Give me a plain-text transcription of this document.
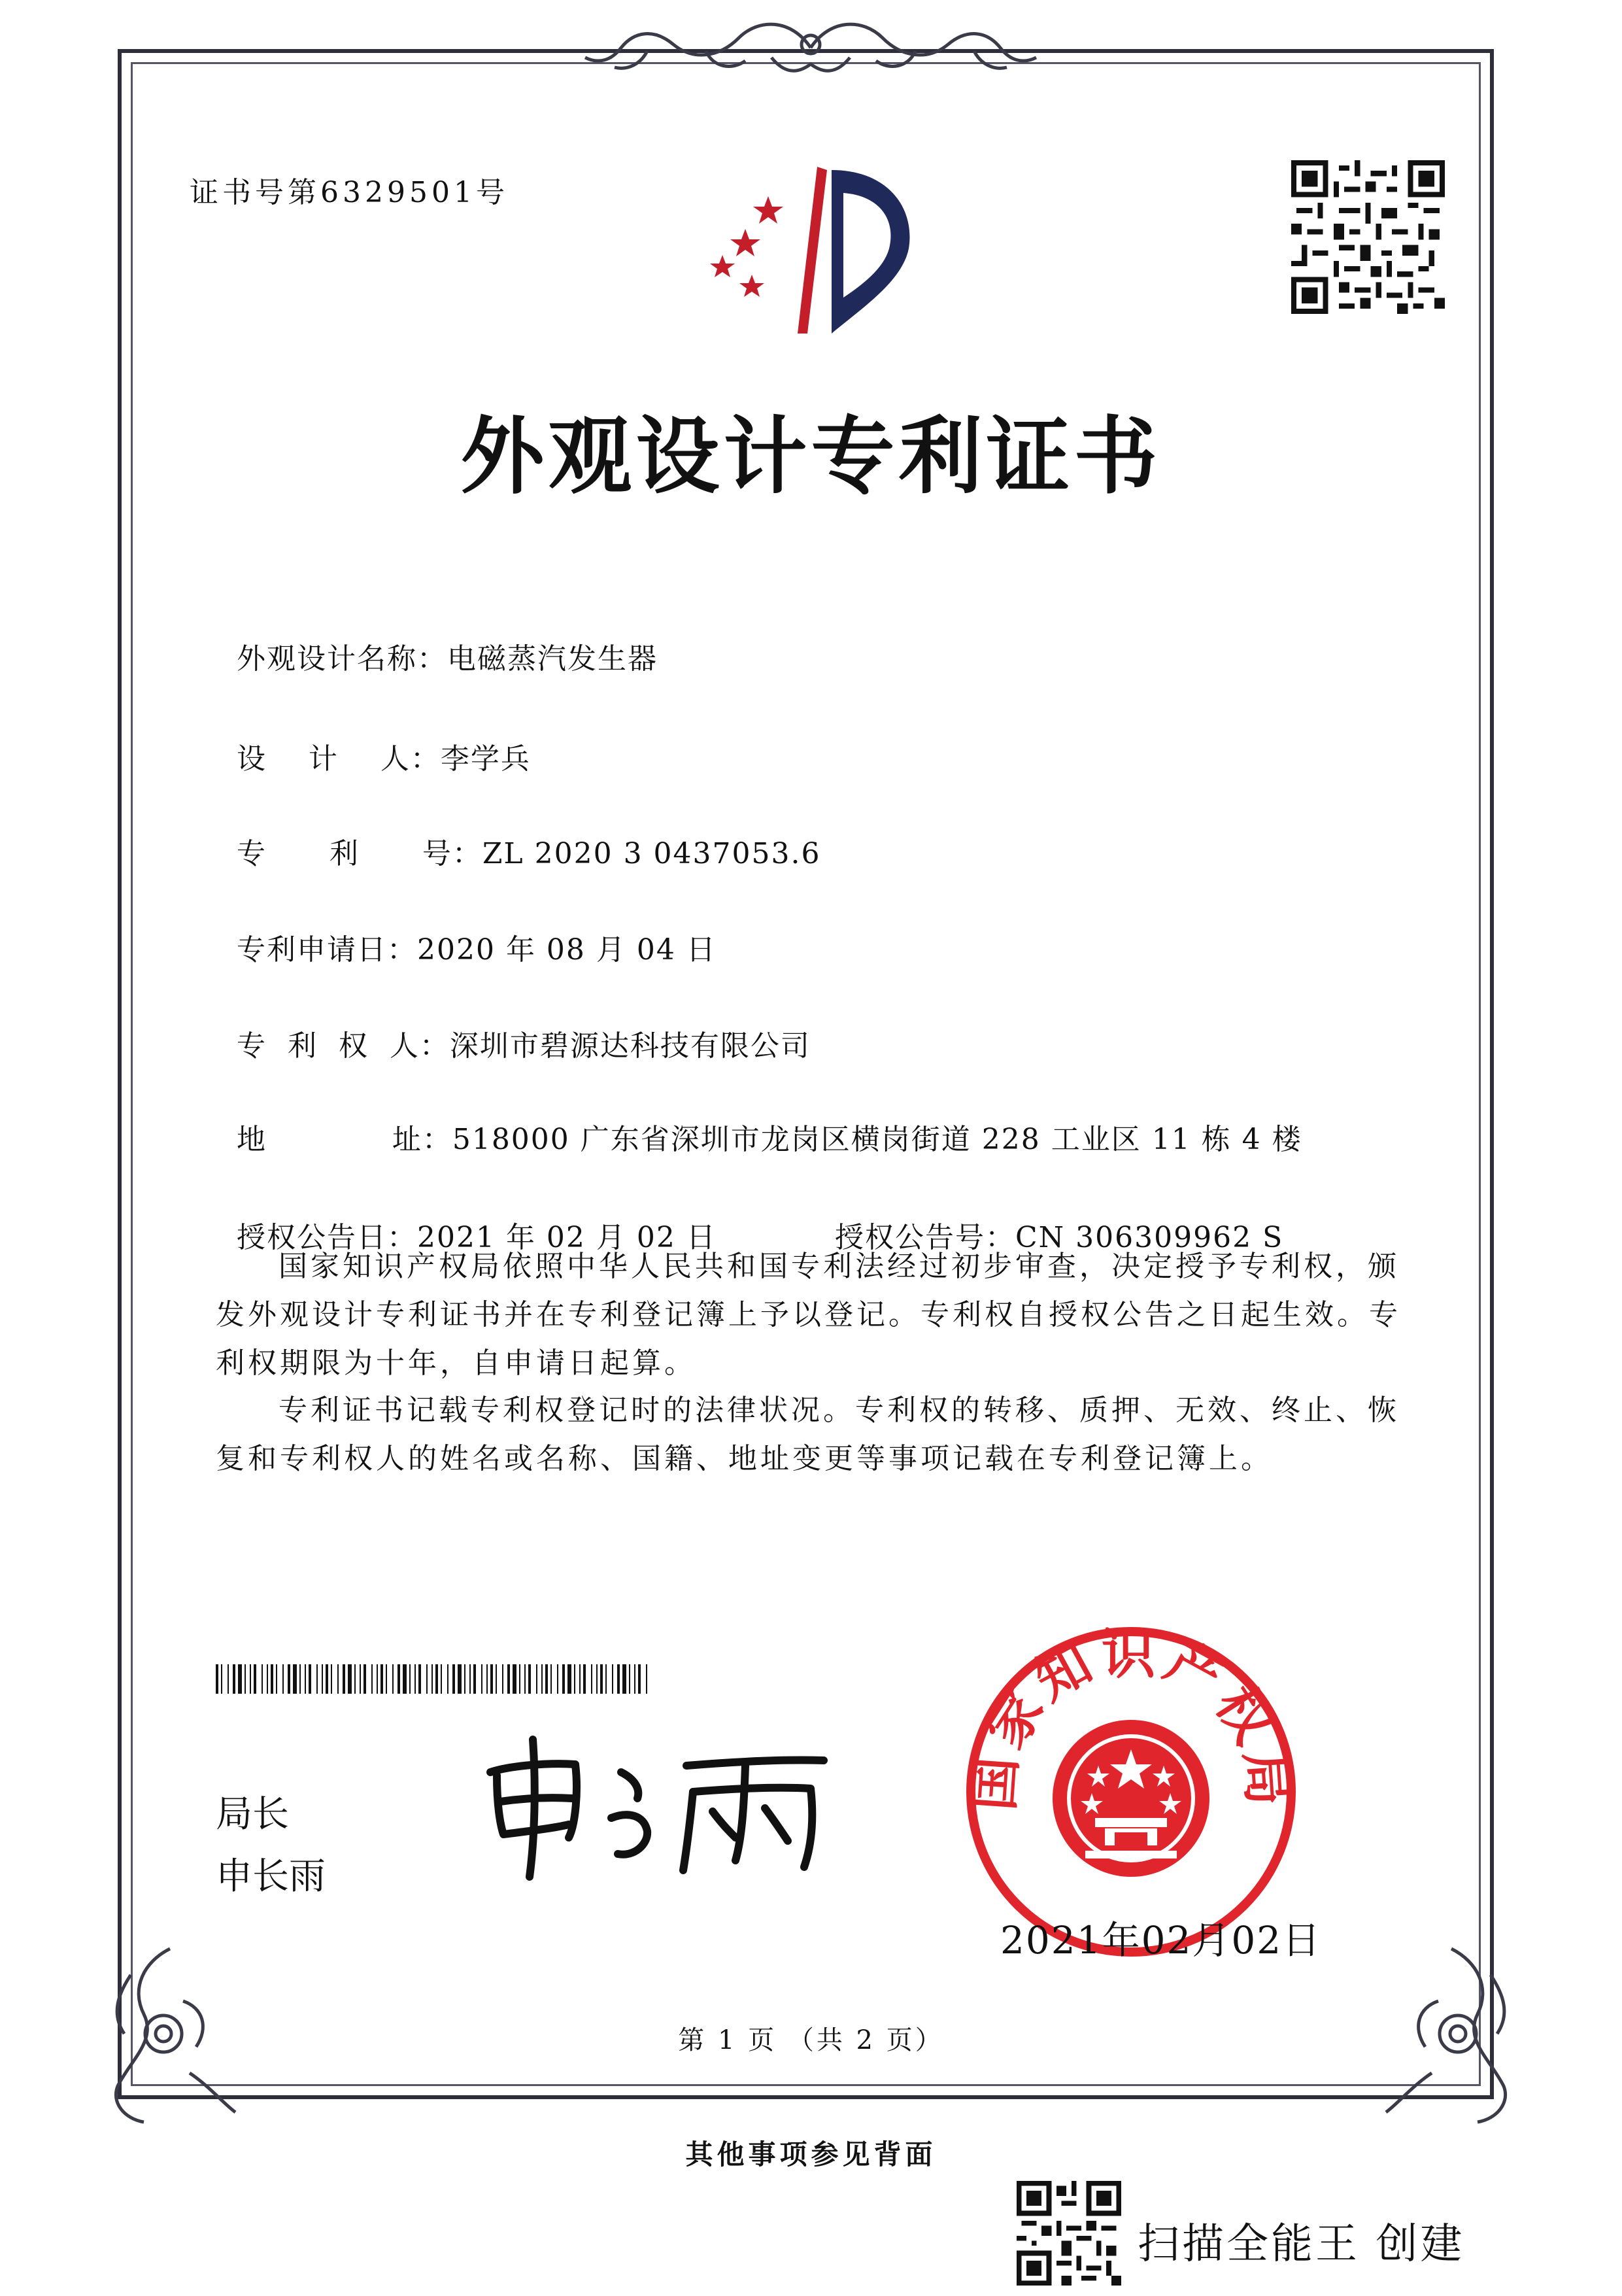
证书号第6329501号
外观设计专利证书

外观设计名称：电磁蒸汽发生器

设    计    人：李学兵

专      利      号：ZL 2020 3 0437053.6

专利申请日：2020 年 08 月 04 日

专  利  权  人：深圳市碧源达科技有限公司

地            址：518000 广东省深圳市龙岗区横岗街道 228 工业区 11 栋 4 楼

授权公告日：2021 年 02 月 02 日	授权公告号：CN 306309962 S

国家知识产权局依照中华人民共和国专利法经过初步审查，决定授予专利权，颁发外观设计专利证书并在专利登记簿上予以登记。专利权自授权公告之日起生效。专利权期限为十年，自申请日起算。
专利证书记载专利权登记时的法律状况。专利权的转移、质押、无效、终止、恢复和专利权人的姓名或名称、国籍、地址变更等事项记载在专利登记簿上。
局长
申长雨
国家知识产权局
2021年02月02日
第 1 页 （共 2 页）
其他事项参见背面
扫描全能王 创建
